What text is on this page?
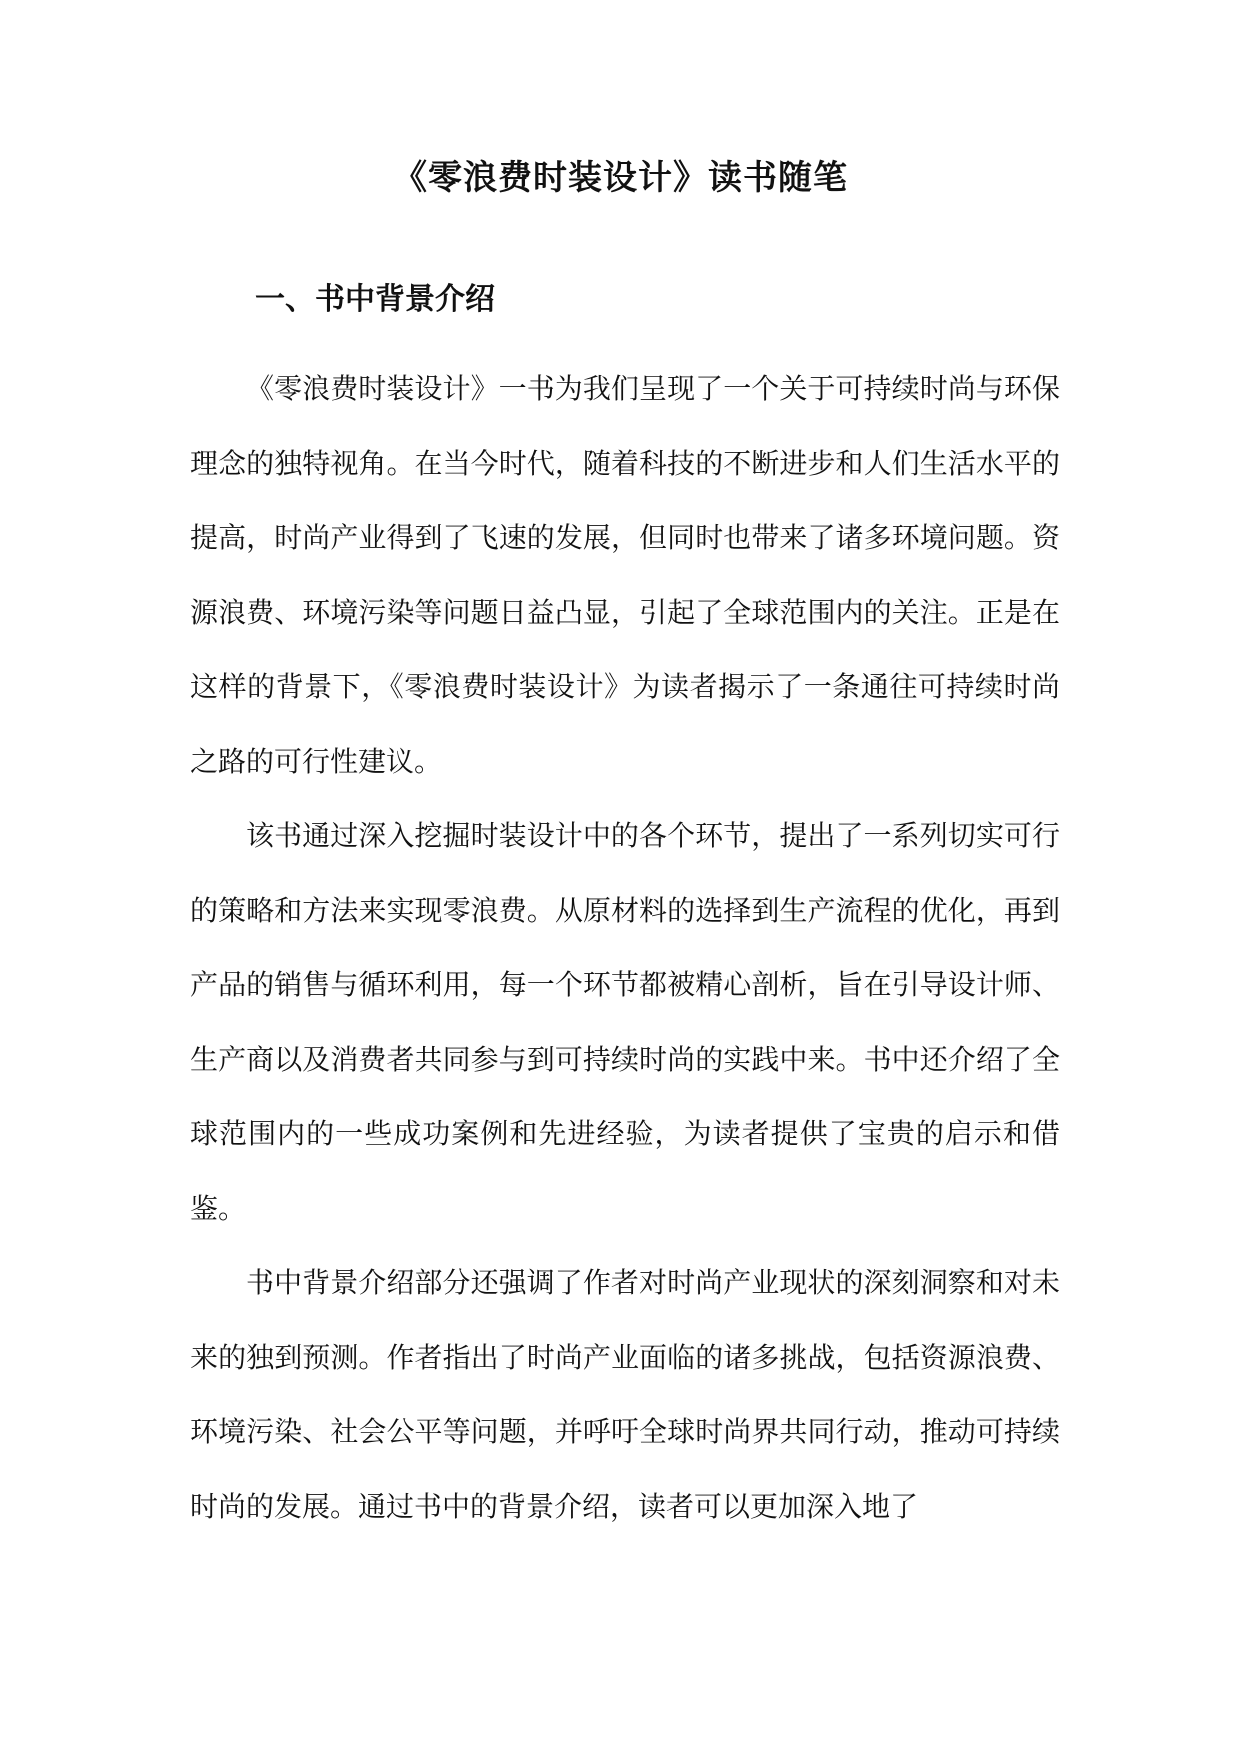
《零浪费时装设计》读书随笔
一、书中背景介绍

《零浪费时装设计》一书为我们呈现了一个关于可持续时尚与环保理念的独特视角。在当今时代，随着科技的不断进步和人们生活水平的提高，时尚产业得到了飞速的发展，但同时也带来了诸多环境问题。资源浪费、环境污染等问题日益凸显，引起了全球范围内的关注。正是在这样的背景下，《零浪费时装设计》为读者揭示了一条通往可持续时尚之路的可行性建议。

该书通过深入挖掘时装设计中的各个环节，提出了一系列切实可行的策略和方法来实现零浪费。从原材料的选择到生产流程的优化，再到产品的销售与循环利用，每一个环节都被精心剖析，旨在引导设计师、生产商以及消费者共同参与到可持续时尚的实践中来。书中还介绍了全球范围内的一些成功案例和先进经验，为读者提供了宝贵的启示和借鉴。

书中背景介绍部分还强调了作者对时尚产业现状的深刻洞察和对未来的独到预测。作者指出了时尚产业面临的诸多挑战，包括资源浪费、环境污染、社会公平等问题，并呼吁全球时尚界共同行动，推动可持续时尚的发展。通过书中的背景介绍，读者可以更加深入地了
